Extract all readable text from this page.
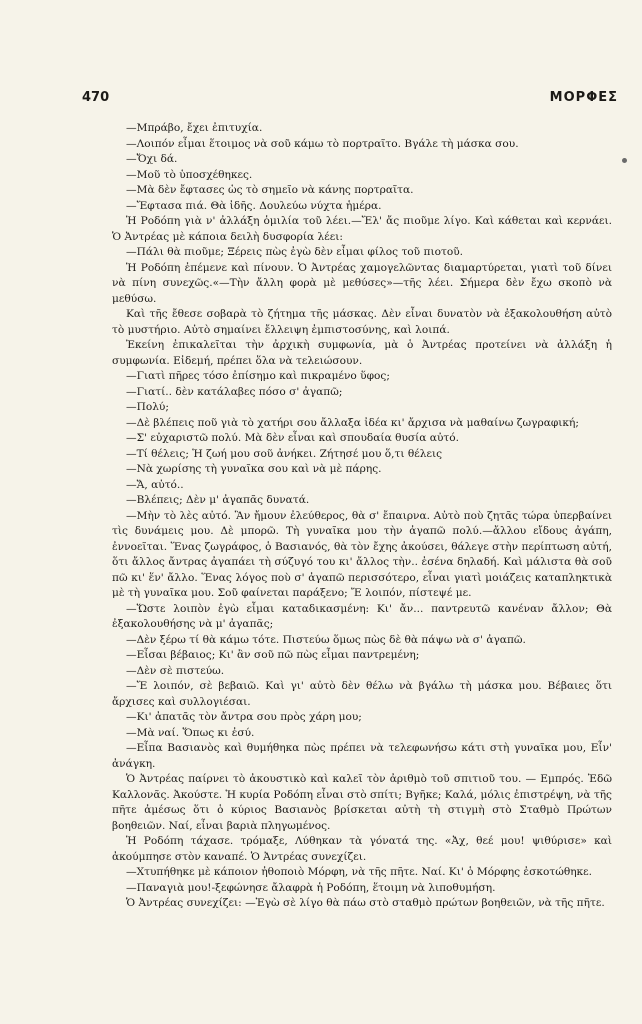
470	ΜΟΡΦΕΣ

—Μπράβο, ἔχει ἐπιτυχία.

—Λοιπόν εἶμαι ἕτοιμος νὰ σοῦ κάμω τὸ πορτραῖτο. Βγάλε τὴ μάσκα σου.

—Ὄχι δά.

—Μοῦ τὸ ὑποσχέθηκες.

—Μὰ δὲν ἔφτασες ὡς τὸ σημεῖο νὰ κάνης πορτραῖτα.

—Ἔφτασα πιά. Θὰ ἰδῆς. Δουλεύω νύχτα ἡμέρα.

Ἡ Ροδόπη γιὰ ν' ἀλλάξη ὁμιλία τοῦ λέει.—Ἔλ' ἄς πιοῦμε λίγο. Καὶ κάθεται καὶ κερνάει. Ὁ Ἀντρέας μὲ κάποια δειλὴ δυσφορία λέει:

—Πάλι θὰ πιοῦμε; Ξέρεις πὼς ἐγὼ δὲν εἶμαι φίλος τοῦ πιοτοῦ.

Ἡ Ροδόπη ἐπέμενε καὶ πίνουν. Ὁ Ἀντρέας χαμογελῶντας διαμαρτύρεται, γιατὶ τοῦ δίνει νὰ πίνη συνεχῶς.«—Τὴν ἄλλη φορὰ μὲ μεθύσες»—τῆς λέει. Σήμερα δὲν ἔχω σκοπὸ νὰ μεθύσω.

Καὶ τῆς ἔθεσε σοβαρὰ τὸ ζήτημα τῆς μάσκας. Δὲν εἶναι δυνατὸν νὰ ἐξακολουθήση αὐτὸ τὸ μυστήριο. Αὐτὸ σημαίνει ἔλλειψη ἐμπιστοσύνης, καὶ λοιπά.

Ἐκείνη ἐπικαλεῖται τὴν ἀρχικὴ συμφωνία, μὰ ὁ Ἀντρέας προτείνει νὰ ἀλλάξη ἡ συμφωνία. Εἰδεμή, πρέπει ὅλα νὰ τελειώσουν.

—Γιατὶ πῆρες τόσο ἐπίσημο καὶ πικραμένο ὕφος;

—Γιατί.. δὲν κατάλαβες πόσο σ' ἀγαπῶ;

—Πολύ;

—Δὲ βλέπεις ποῦ γιὰ τὸ χατήρι σου ἄλλαξα ἰδέα κι' ἄρχισα νὰ μαθαίνω ζωγραφική;

—Σ' εὐχαριστῶ πολύ. Μὰ δὲν εἶναι καὶ σπουδαία θυσία αὐτό.

—Τί θέλεις; Ἡ ζωή μου σοῦ ἀνήκει. Ζήτησέ μου ὅ,τι θέλεις

—Νὰ χωρίσης τὴ γυναῖκα σου καὶ νὰ μὲ πάρης.

—Ἄ, αὐτό..

—Βλέπεις; Δὲν μ' ἀγαπᾶς δυνατά.

—Μὴν τὸ λὲς αὐτό. Ἂν ἤμουν ἐλεύθερος, θὰ σ' ἔπαιρνα. Αὐτὸ ποὺ ζητᾶς τώρα ὑπερβαίνει τὶς δυνάμεις μου. Δὲ μπορῶ. Τὴ γυναῖκα μου τὴν ἀγαπῶ πολύ.—ἄλλου εἴδους ἀγάπη, ἐννοεῖται. Ἕνας ζωγράφος, ὁ Βασιανός, θὰ τὸν ἔχης ἀκούσει, θάλεγε στὴν περίπτωση αὐτή, ὅτι ἄλλος ἄντρας ἀγαπάει τὴ σύζυγό του κι' ἄλλος τὴν.. ἐσένα δηλαδή. Καὶ μάλιστα θὰ σοῦ πῶ κι' ἕν' ἄλλο. Ἕνας λόγος ποὺ σ' ἀγαπῶ περισσότερο, εἶναι γιατὶ μοιάζεις καταπληκτικὰ μὲ τὴ γυναῖκα μου. Σοῦ φαίνεται παράξενο; Ἔ λοιπόν, πίστεψέ με.

—Ὥστε λοιπὸν ἐγὼ εἶμαι καταδικασμένη: Κι' ἄν... παντρευτῶ κανέναν ἄλλον; Θὰ ἐξακολουθήσης νὰ μ' ἀγαπᾶς;

—Δὲν ξέρω τί θὰ κάμω τότε. Πιστεύω ὅμως πὼς δὲ θὰ πάψω νὰ σ' ἀγαπῶ.

—Εἶσαι βέβαιος; Κι' ἂν σοῦ πῶ πὼς εἶμαι παντρεμένη;

—Δὲν σὲ πιστεύω.

—Ἔ λοιπόν, σὲ βεβαιῶ. Καὶ γι' αὐτὸ δὲν θέλω νὰ βγάλω τὴ μάσκα μου. Βέβαιες ὅτι ἄρχισες καὶ συλλογιέσαι.

—Κι' ἀπατᾶς τὸν ἄντρα σου πρὸς χάρη μου;

—Μὰ ναί. Ὅπως κι ἐσύ.

—Εἶπα Βασιανὸς καὶ θυμήθηκα πὼς πρέπει νὰ τελεφωνήσω κάτι στὴ γυναῖκα μου, Εἶν' ἀνάγκη.

Ὁ Ἀντρέας παίρνει τὸ ἀκουστικὸ καὶ καλεῖ τὸν ἀριθμὸ τοῦ σπιτιοῦ του. — Εμπρός. Ἐδῶ Καλλονᾶς. Ἀκούστε. Ἡ κυρία Ροδόπη εἶναι στὸ σπίτι; Βγῆκε; Καλά, μόλις ἐπιστρέψη, νὰ τῆς πῆτε ἀμέσως ὅτι ὁ κύριος Βασιανὸς βρίσκεται αὐτὴ τὴ στιγμὴ στὸ Σταθμὸ Πρώτων βοηθειῶν. Ναί, εἶναι βαριὰ πληγωμένος.

Ἡ Ροδόπη τάχασε. τρόμαξε, Λύθηκαν τὰ γόνατά της. «Ἀχ, θεέ μου! ψιθύρισε» καὶ ἀκούμπησε στὸν καναπέ. Ὁ Ἀντρέας συνεχίζει.

—Χτυπήθηκε μὲ κάποιον ἠθοποιὸ Μόρφη, νὰ τῆς πῆτε. Ναί. Κι' ὁ Μόρφης ἐσκοτώθηκε.

—Παναγιὰ μου!-ξεφώνησε ἄλαφρὰ ἡ Ροδόπη, ἕτοιμη νὰ λιποθυμήση.

Ὁ Ἀντρέας συνεχίζει: —Ἐγὼ σὲ λίγο θὰ πάω στὸ σταθμὸ πρώτων βοηθειῶν, νὰ τῆς πῆτε.
